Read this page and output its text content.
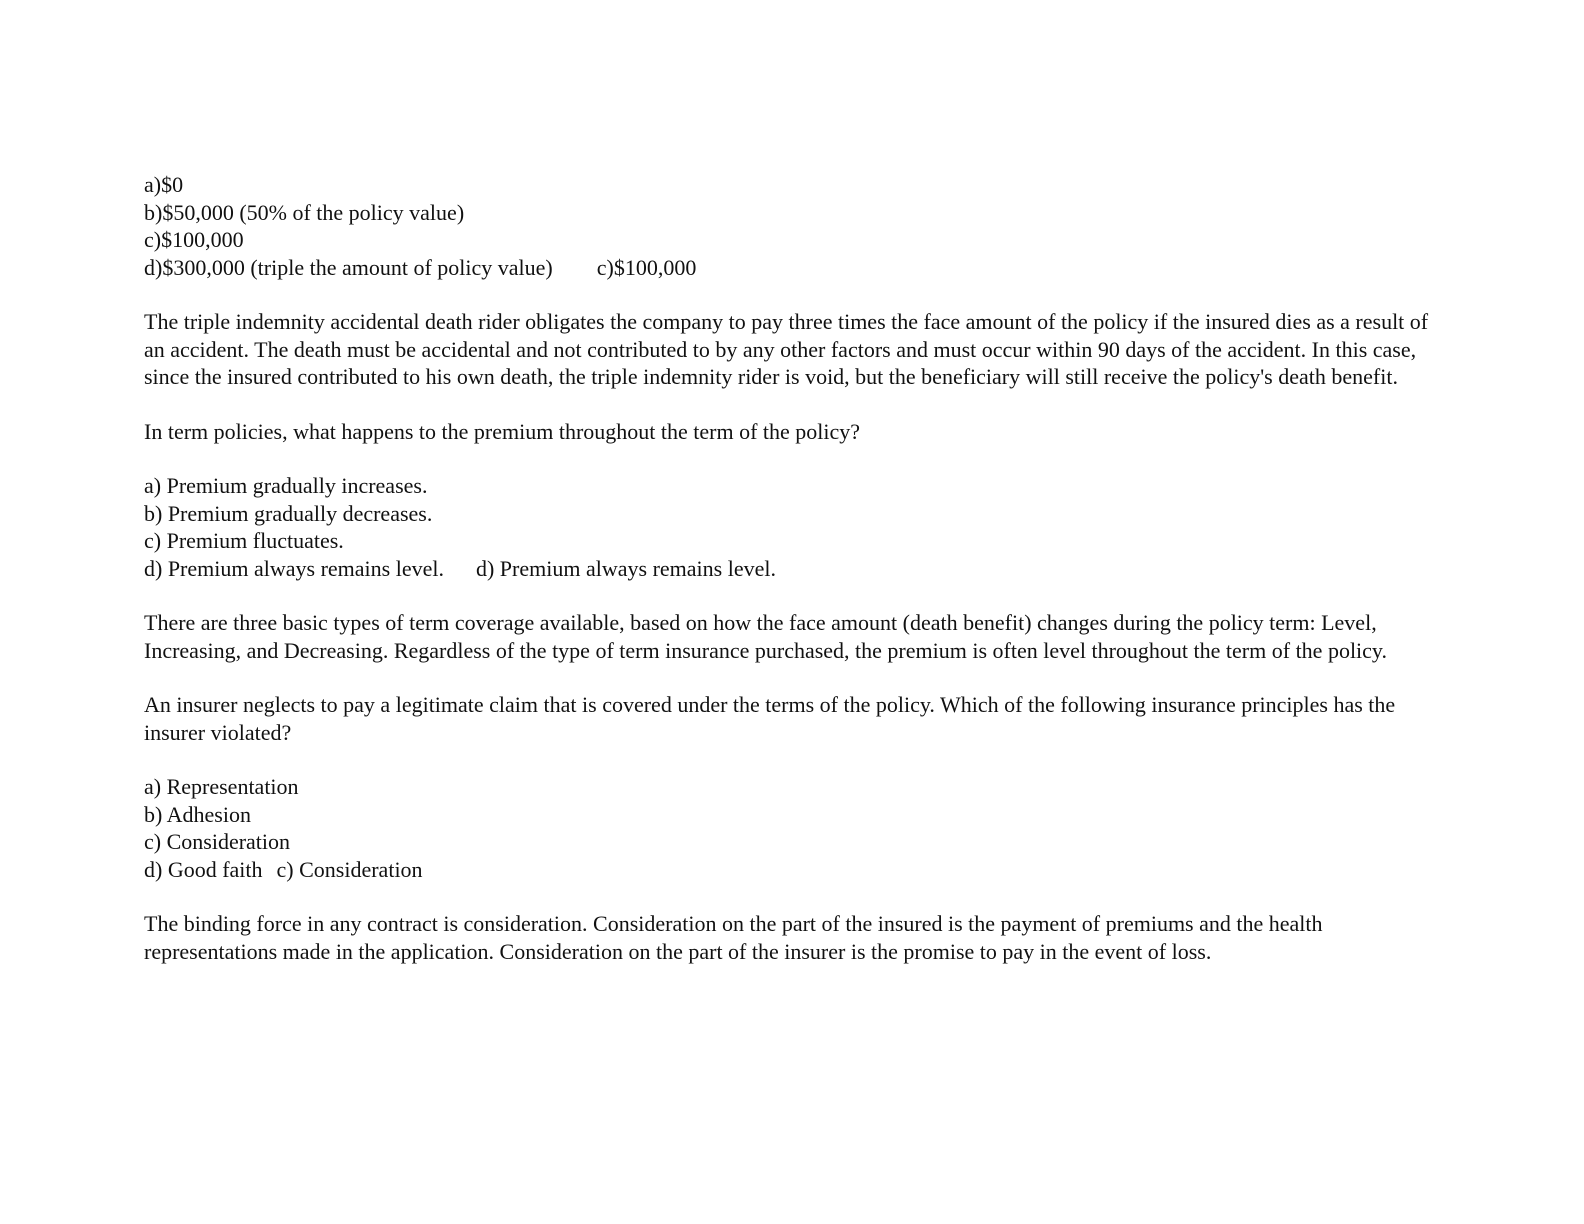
a)$0
b)$50,000 (50% of the policy value)
c)$100,000
d)$300,000 (triple the amount of policy value) c)$100,000
The triple indemnity accidental death rider obligates the company to pay three times the face amount of the policy if the insured dies as a result of an accident. The death must be accidental and not contributed to by any other factors and must occur within 90 days of the accident. In this case, since the insured contributed to his own death, the triple indemnity rider is void, but the beneficiary will still receive the policy's death benefit.
In term policies, what happens to the premium throughout the term of the policy?
a) Premium gradually increases.
b) Premium gradually decreases.
c) Premium fluctuates.
d) Premium always remains level. d) Premium always remains level.
There are three basic types of term coverage available, based on how the face amount (death benefit) changes during the policy term: Level, Increasing, and Decreasing. Regardless of the type of term insurance purchased, the premium is often level throughout the term of the policy.
An insurer neglects to pay a legitimate claim that is covered under the terms of the policy. Which of the following insurance principles has the insurer violated?
a) Representation
b) Adhesion
c) Consideration
d) Good faith c) Consideration
The binding force in any contract is consideration. Consideration on the part of the insured is the payment of premiums and the health representations made in the application. Consideration on the part of the insurer is the promise to pay in the event of loss.
